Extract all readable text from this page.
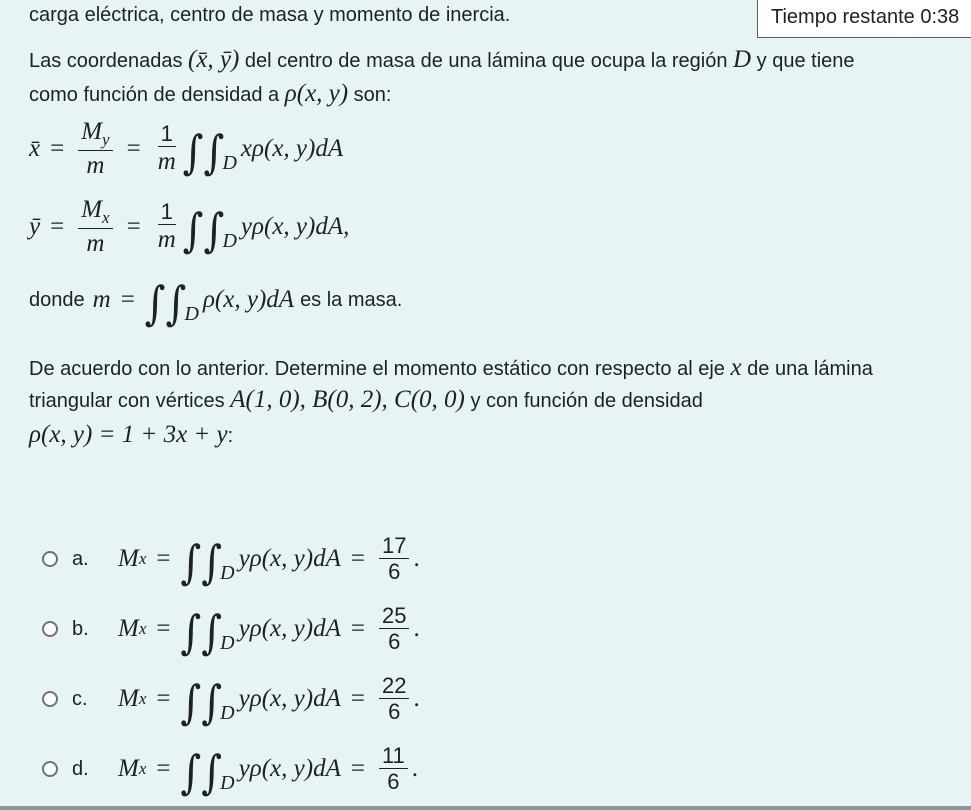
carga eléctrica, centro de masa y momento de inercia.	Tiempo restante 0:38
Las coordenadas (x̄, ȳ) del centro de masa de una lámina que ocupa la región D y que tiene
como función de densidad a ρ(x, y) son:
x̄ = $\frac{M_y}{m} = \frac{1}{m}$ ∫∫
D
xρ(x, y)dA
ȳ = $\frac{M_x}{m} = \frac{1}{m}$ ∫∫
D
yρ(x, y)dA,
donde m = ∫∫
D
ρ(x, y)dA es la masa.
De acuerdo con lo anterior. Determine el momento estático con respecto al eje x de una lámina
triangular con vértices A(1, 0), B(0, 2), C(0, 0) y con función de densidad
ρ(x, y) = 1 + 3x + y:
a.	M x = ∫∫
D
yρ(x, $y)dA = \frac{17}{6}$ .
b.	M x = ∫∫
D
yρ(x, $y)dA = \frac{25}{6}$ .
c.	M x = ∫∫
D
yρ(x, $y)dA = \frac{22}{6}$ .
d.	M x = ∫∫
D
yρ(x, $y)dA = \frac{11}{6}$ .
